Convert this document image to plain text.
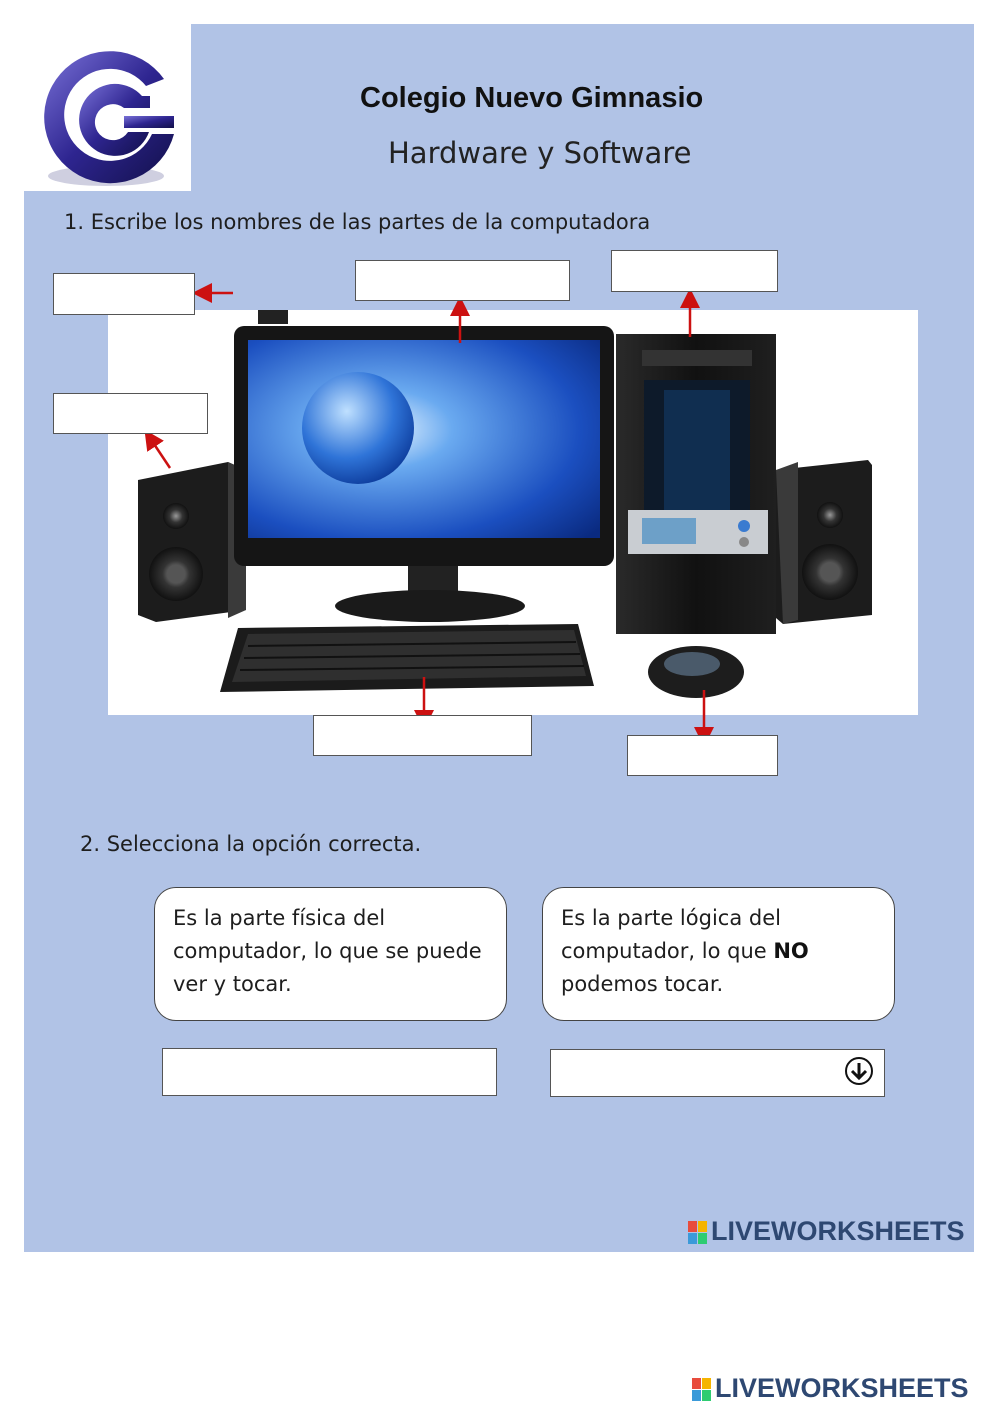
Colegio Nuevo Gimnasio
Hardware y Software
1. Escribe los nombres de las partes de la computadora
2. Selecciona la opción correcta.
Es la parte física del computador, lo que se puede ver y tocar.
Es la parte lógica del computador, lo que NO podemos tocar.
LIVEWORKSHEETS
LIVEWORKSHEETS
